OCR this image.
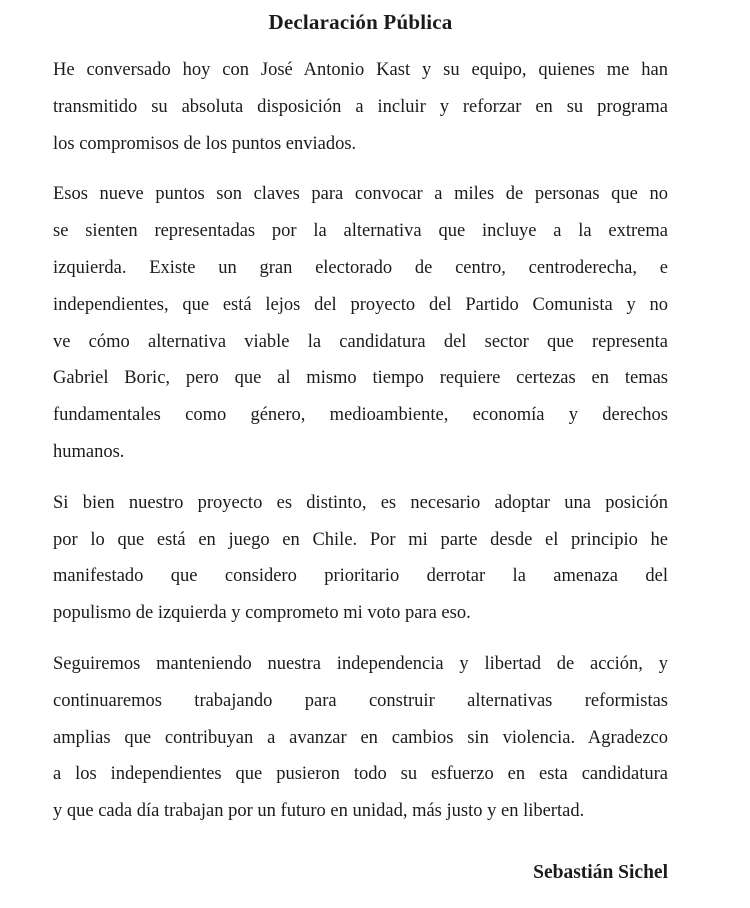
Declaración Pública
He conversado hoy con José Antonio Kast y su equipo, quienes me han
transmitido su absoluta disposición a incluir y reforzar en su programa
los compromisos de los puntos enviados.
Esos nueve puntos son claves para convocar a miles de personas que no
se sienten representadas por la alternativa que incluye a la extrema
izquierda. Existe un gran electorado de centro, centroderecha, e
independientes, que está lejos del proyecto del Partido Comunista y no
ve cómo alternativa viable la candidatura del sector que representa
Gabriel Boric, pero que al mismo tiempo requiere certezas en temas
fundamentales como género, medioambiente, economía y derechos
humanos.
Si bien nuestro proyecto es distinto, es necesario adoptar una posición
por lo que está en juego en Chile. Por mi parte desde el principio he
manifestado que considero prioritario derrotar la amenaza del
populismo de izquierda y comprometo mi voto para eso.
Seguiremos manteniendo nuestra independencia y libertad de acción, y
continuaremos trabajando para construir alternativas reformistas
amplias que contribuyan a avanzar en cambios sin violencia. Agradezco
a los independientes que pusieron todo su esfuerzo en esta candidatura
y que cada día trabajan por un futuro en unidad, más justo y en libertad.
Sebastián Sichel
